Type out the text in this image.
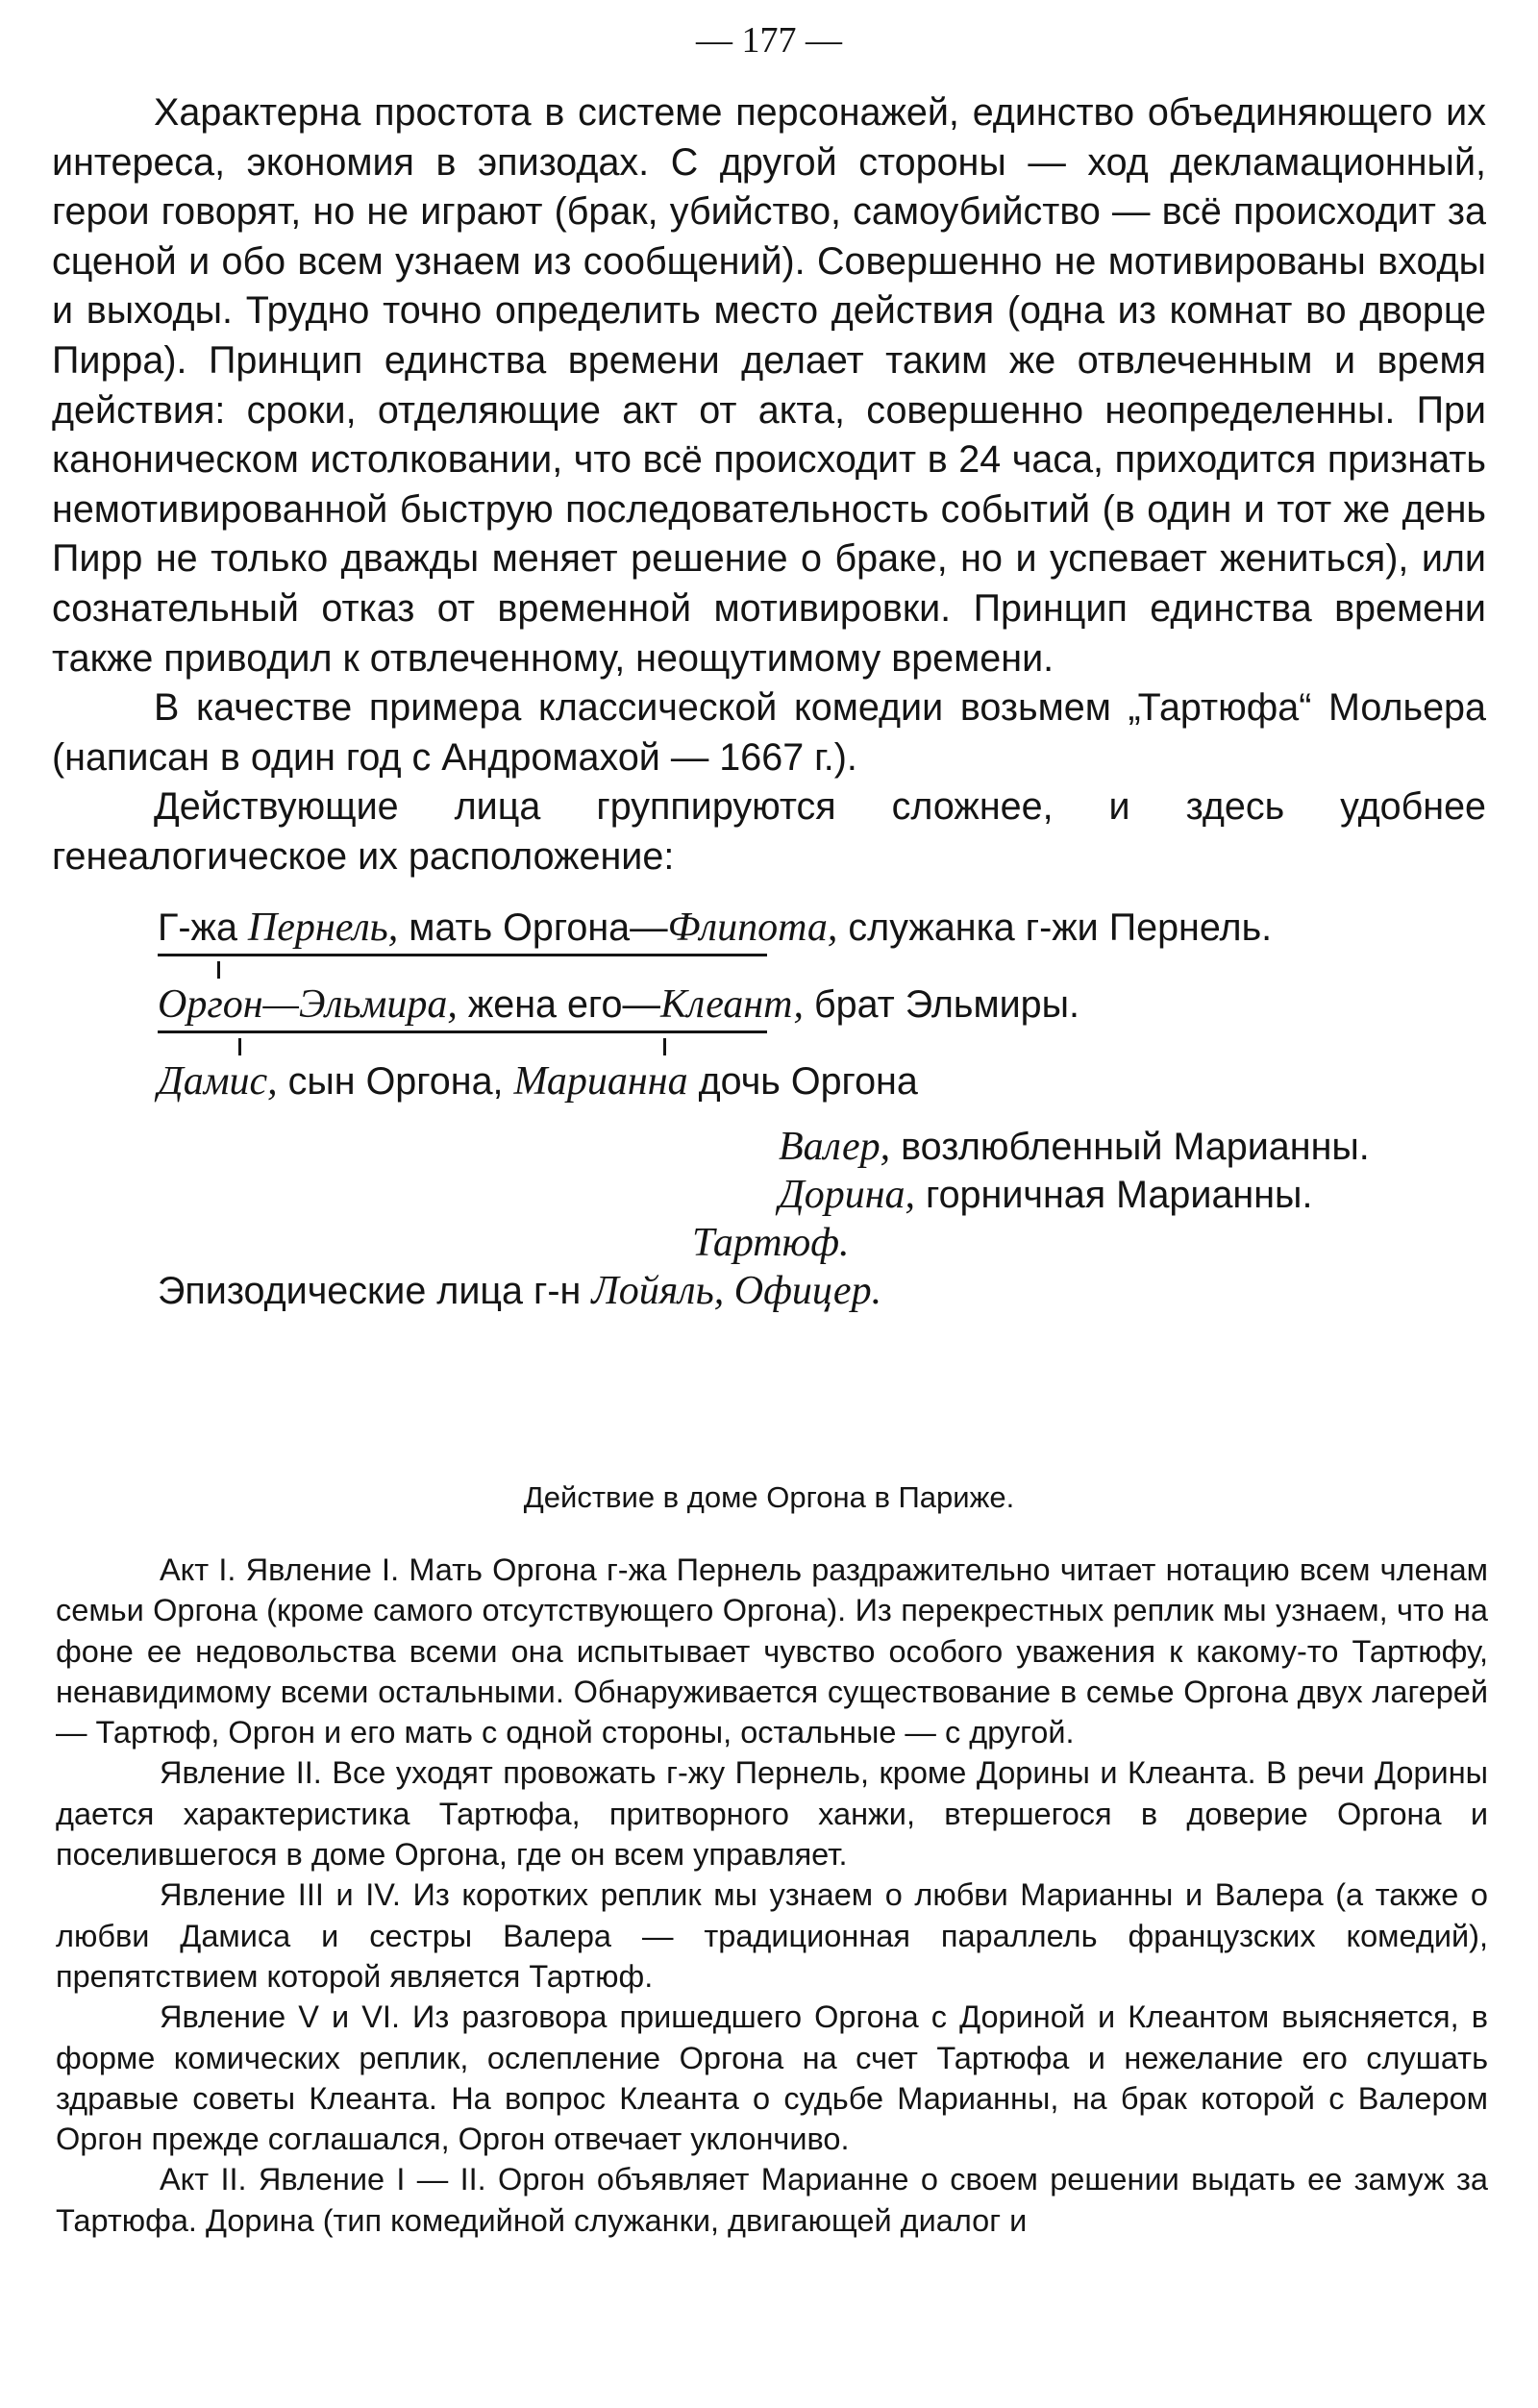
— 177 —

Характерна простота в системе персонажей, единство объединяющего их интереса, экономия в эпизодах. С другой стороны — ход декламационный, герои говорят, но не играют (брак, убийство, самоубийство — всё происходит за сценой и обо всем узнаем из сообщений). Совершенно не мотивированы входы и выходы. Трудно точно определить место действия (одна из комнат во дворце Пирра). Принцип единства времени делает таким же отвлеченным и время действия: сроки, отделяющие акт от акта, совершенно неопределенны. При каноническом истолковании, что всё происходит в 24 часа, приходится признать немотивированной быструю последовательность событий (в один и тот же день Пирр не только дважды меняет решение о браке, но и успевает жениться), или сознательный отказ от временной мотивировки. Принцип единства времени также приводил к отвлеченному, неощутимому времени.

В качестве примера классической комедии возьмем „Тартюфа“ Мольера (написан в один год с Андромахой — 1667 г.).

Действующие лица группируются сложнее, и здесь удобнее генеалогическое их расположение:

Г-жа Пернель, мать Оргона—Флипота, служанка г-жи Пернель.
Оргон—Эльмира, жена его—Клеант, брат Эльмиры.
Дамис, сын Оргона, Марианна дочь Оргона
Валер, возлюбленный Марианны.
Дорина, горничная Марианны.
Тартюф.
Эпизодические лица г-н Лойяль, Офицер.
Действие в доме Оргона в Париже.

Акт I. Явление I. Мать Оргона г-жа Пернель раздражительно читает нотацию всем членам семьи Оргона (кроме самого отсутствующего Оргона). Из перекрестных реплик мы узнаем, что на фоне ее недовольства всеми она испытывает чувство особого уважения к какому-то Тартюфу, ненавидимому всеми остальными. Обнаруживается существование в семье Оргона двух лагерей — Тартюф, Оргон и его мать с одной стороны, остальные — с другой.

Явление II. Все уходят провожать г-жу Пернель, кроме Дорины и Клеанта. В речи Дорины дается характеристика Тартюфа, притворного ханжи, втершегося в доверие Оргона и поселившегося в доме Оргона, где он всем управляет.

Явление III и IV. Из коротких реплик мы узнаем о любви Марианны и Валера (а также о любви Дамиса и сестры Валера — традиционная параллель французских комедий), препятствием которой является Тартюф.

Явление V и VI. Из разговора пришедшего Оргона с Дориной и Клеантом выясняется, в форме комических реплик, ослепление Оргона на счет Тартюфа и нежелание его слушать здравые советы Клеанта. На вопрос Клеанта о судьбе Марианны, на брак которой с Валером Оргон прежде соглашался, Оргон отвечает уклончиво.

Акт II. Явление I — II. Оргон объявляет Марианне о своем решении выдать ее замуж за Тартюфа. Дорина (тип комедийной служанки, двигающей диалог и
